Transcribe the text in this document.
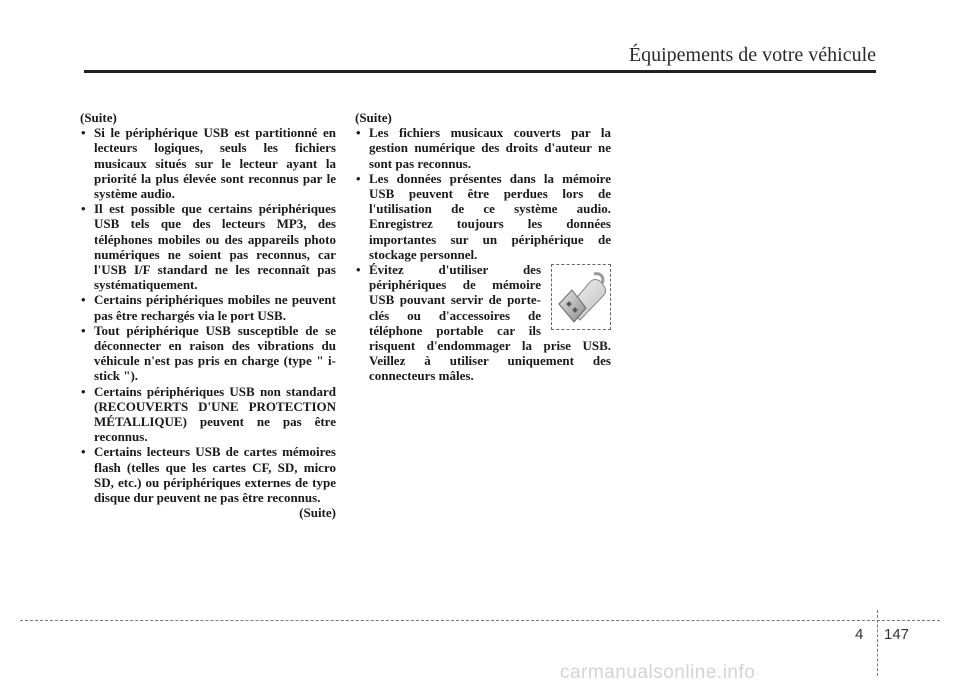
Équipements de votre véhicule

(Suite)

• Si le périphérique USB est partitionné en lecteurs logiques, seuls les fichiers musicaux situés sur le lecteur ayant la priorité la plus élevée sont reconnus par le système audio.
• Il est possible que certains périphériques USB tels que des lecteurs MP3, des téléphones mobiles ou des appareils photo numériques ne soient pas reconnus, car l'USB I/F standard ne les reconnaît pas systématiquement.
• Certains périphériques mobiles ne peuvent pas être rechargés via le port USB.
• Tout périphérique USB susceptible de se déconnecter en raison des vibrations du véhicule n'est pas pris en charge (type " i-stick ").
• Certains périphériques USB non standard (RECOUVERTS D'UNE PROTECTION MÉTALLIQUE) peuvent ne pas être reconnus.
• Certains lecteurs USB de cartes mémoires flash (telles que les cartes CF, SD, micro SD, etc.) ou périphériques externes de type disque dur peuvent ne pas être reconnus.

(Suite)

(Suite)

• Les fichiers musicaux couverts par la gestion numérique des droits d'auteur ne sont pas reconnus.
• Les données présentes dans la mémoire USB peuvent être perdues lors de l'utilisation de ce système audio. Enregistrez toujours les données importantes sur un périphérique de stockage personnel.
• Évitez d'utiliser des périphériques de mémoire USB pouvant servir de porte-clés ou d'accessoires de téléphone portable car ils risquent d'endommager la prise USB. Veillez à utiliser uniquement des connecteurs mâles.
4 147
carmanualsonline.info
